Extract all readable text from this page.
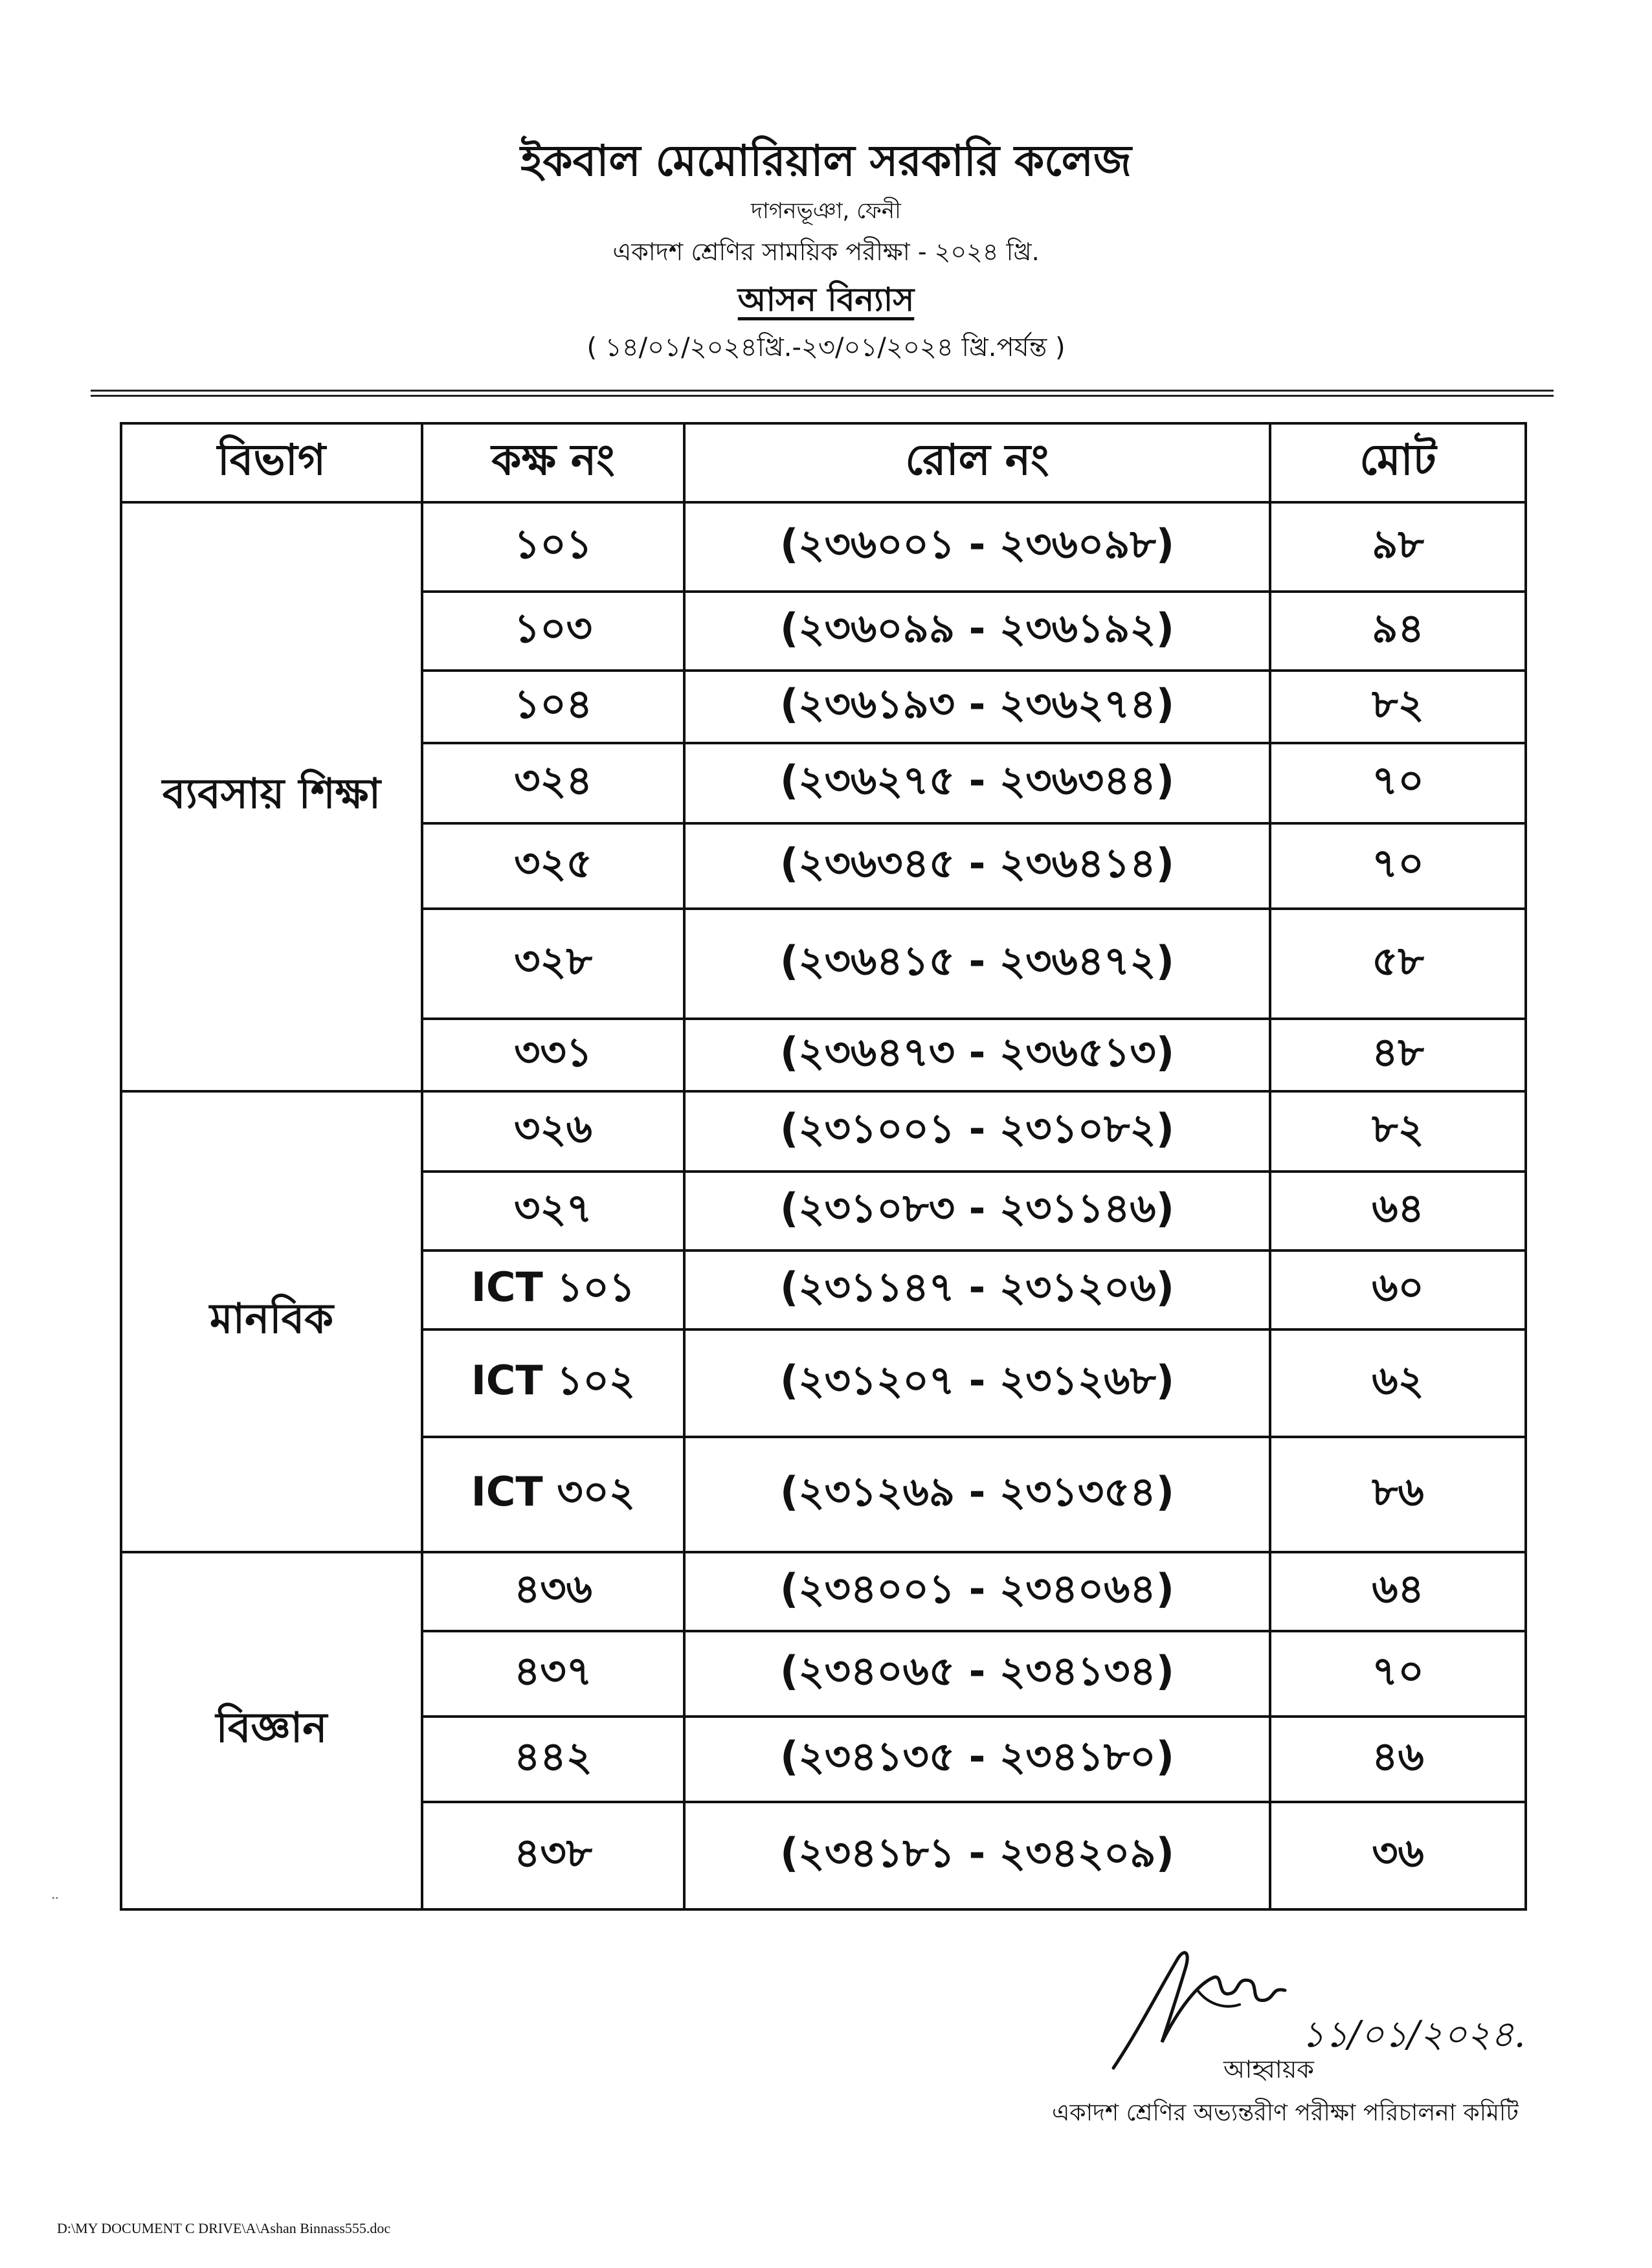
ইকবাল মেমোরিয়াল সরকারি কলেজ
দাগনভূঞা, ফেনী
একাদশ শ্রেণির সাময়িক পরীক্ষা - ২০২৪ খ্রি.
আসন বিন্যাস
( ১৪/০১/২০২৪খ্রি.-২৩/০১/২০২৪ খ্রি.পর্যন্ত )
বিভাগ	কক্ষ নং	রোল নং	মোট
ব্যবসায় শিক্ষা	১০১	(২৩৬০০১ - ২৩৬০৯৮)	৯৮
	১০৩	(২৩৬০৯৯ - ২৩৬১৯২)	৯৪
	১০৪	(২৩৬১৯৩ - ২৩৬২৭৪)	৮২
	৩২৪	(২৩৬২৭৫ - ২৩৬৩৪৪)	৭০
	৩২৫	(২৩৬৩৪৫ - ২৩৬৪১৪)	৭০
	৩২৮	(২৩৬৪১৫ - ২৩৬৪৭২)	৫৮
	৩৩১	(২৩৬৪৭৩ - ২৩৬৫১৩)	৪৮
মানবিক	৩২৬	(২৩১০০১ - ২৩১০৮২)	৮২
	৩২৭	(২৩১০৮৩ - ২৩১১৪৬)	৬৪
	ICT ১০১	(২৩১১৪৭ - ২৩১২০৬)	৬০
	ICT ১০২	(২৩১২০৭ - ২৩১২৬৮)	৬২
	ICT ৩০২	(২৩১২৬৯ - ২৩১৩৫৪)	৮৬
বিজ্ঞান	৪৩৬	(২৩৪০০১ - ২৩৪০৬৪)	৬৪
	৪৩৭	(২৩৪০৬৫ - ২৩৪১৩৪)	৭০
	৪৪২	(২৩৪১৩৫ - ২৩৪১৮০)	৪৬
	৪৩৮	(২৩৪১৮১ - ২৩৪২০৯)	৩৬
᠃
১১/০১/২০২৪.
আহ্বায়ক
একাদশ শ্রেণির অভ্যন্তরীণ পরীক্ষা পরিচালনা কমিটি
D:\MY DOCUMENT C DRIVE\A\Ashan Binnass555.doc
